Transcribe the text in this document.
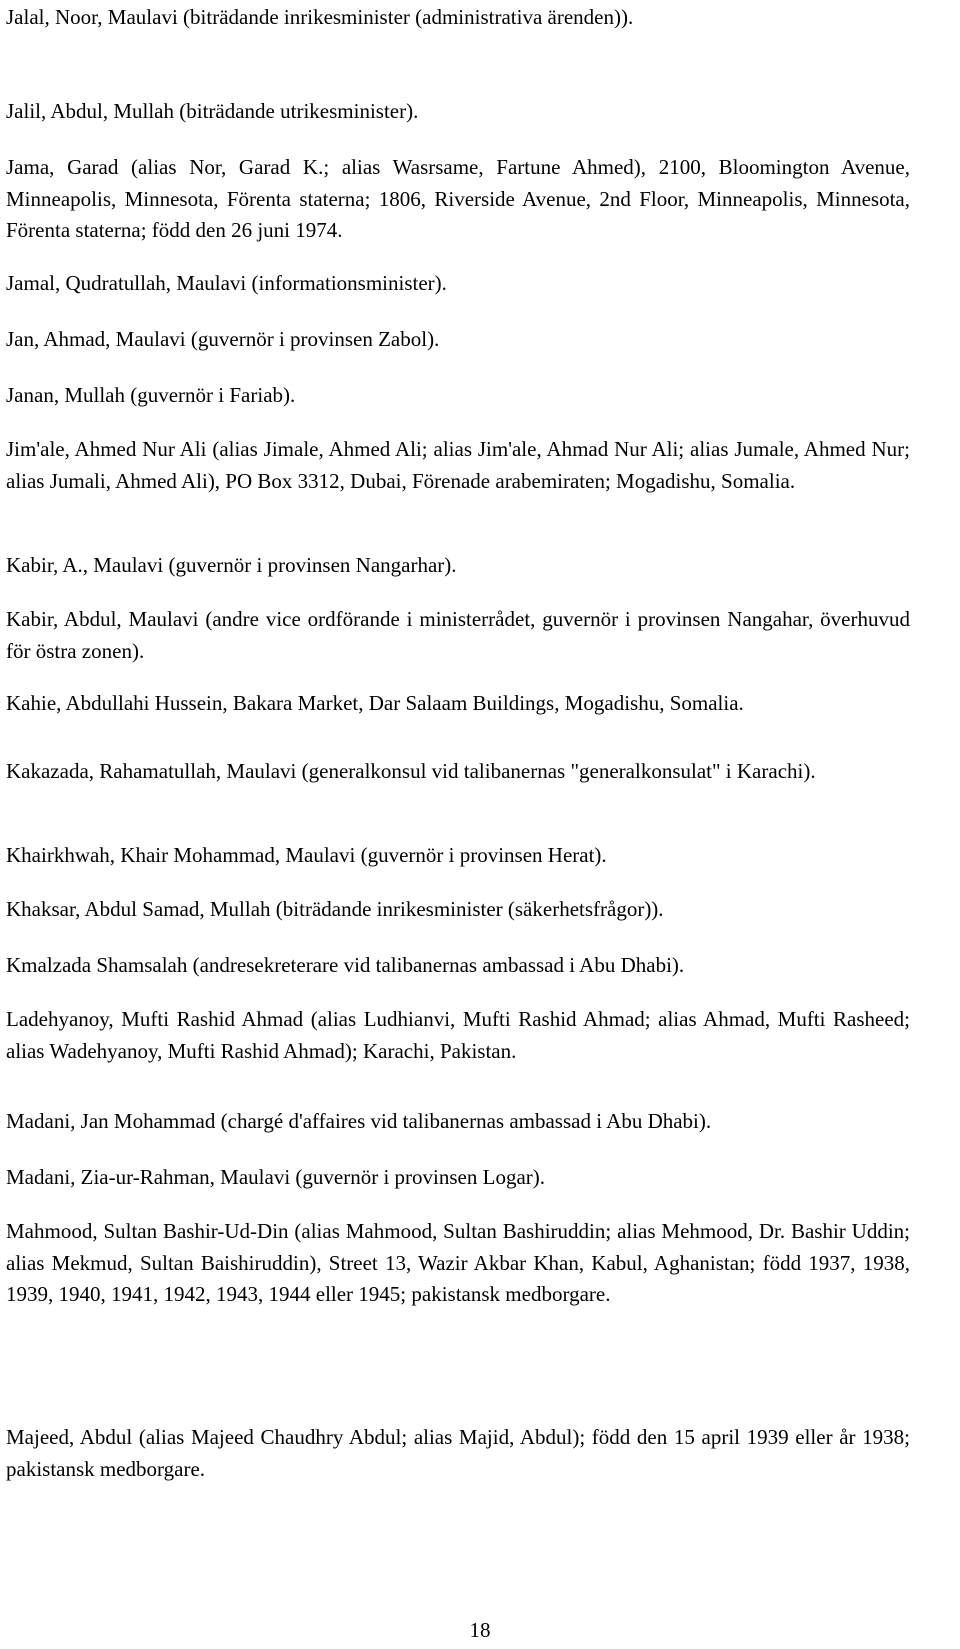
Jalal, Noor, Maulavi (biträdande inrikesminister (administrativa ärenden)).

Jalil, Abdul, Mullah (biträdande utrikesminister).

Jama, Garad (alias Nor, Garad K.; alias Wasrsame, Fartune Ahmed), 2100, Bloomington Avenue, Minneapolis, Minnesota, Förenta staterna; 1806, Riverside Avenue, 2nd Floor, Minneapolis, Minnesota, Förenta staterna; född den 26 juni 1974.

Jamal, Qudratullah, Maulavi (informationsminister).

Jan, Ahmad, Maulavi (guvernör i provinsen Zabol).

Janan, Mullah (guvernör i Fariab).

Jim'ale, Ahmed Nur Ali (alias Jimale, Ahmed Ali; alias Jim'ale, Ahmad Nur Ali; alias Jumale, Ahmed Nur; alias Jumali, Ahmed Ali), PO Box 3312, Dubai, Förenade arabemiraten; Mogadishu, Somalia.

Kabir, A., Maulavi (guvernör i provinsen Nangarhar).

Kabir, Abdul, Maulavi (andre vice ordförande i ministerrådet, guvernör i provinsen Nangahar, överhuvud för östra zonen).

Kahie, Abdullahi Hussein, Bakara Market, Dar Salaam Buildings, Mogadishu, Somalia.

Kakazada, Rahamatullah, Maulavi (generalkonsul vid talibanernas "generalkonsulat" i Karachi).

Khairkhwah, Khair Mohammad, Maulavi (guvernör i provinsen Herat).

Khaksar, Abdul Samad, Mullah (biträdande inrikesminister (säkerhetsfrågor)).

Kmalzada Shamsalah (andresekreterare vid talibanernas ambassad i Abu Dhabi).

Ladehyanoy, Mufti Rashid Ahmad (alias Ludhianvi, Mufti Rashid Ahmad; alias Ahmad, Mufti Rasheed; alias Wadehyanoy, Mufti Rashid Ahmad); Karachi, Pakistan.

Madani, Jan Mohammad (chargé d'affaires vid talibanernas ambassad i Abu Dhabi).

Madani, Zia-ur-Rahman, Maulavi (guvernör i provinsen Logar).

Mahmood, Sultan Bashir-Ud-Din (alias Mahmood, Sultan Bashiruddin; alias Mehmood, Dr. Bashir Uddin; alias Mekmud, Sultan Baishiruddin), Street 13, Wazir Akbar Khan, Kabul, Aghanistan; född 1937, 1938, 1939, 1940, 1941, 1942, 1943, 1944 eller 1945; pakistansk medborgare.

Majeed, Abdul (alias Majeed Chaudhry Abdul; alias Majid, Abdul); född den 15 april 1939 eller år 1938; pakistansk medborgare.

18
